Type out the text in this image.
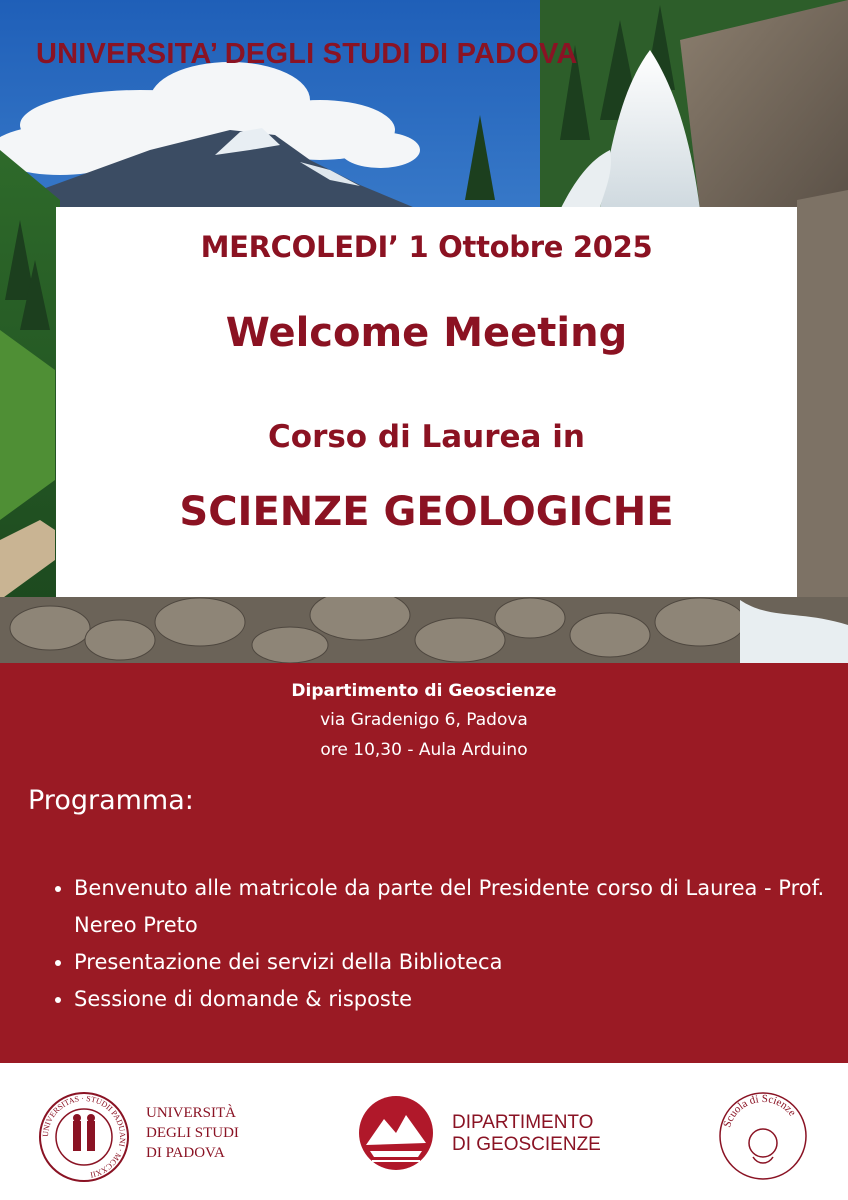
UNIVERSITA’ DEGLI STUDI DI PADOVA

MERCOLEDI’ 1 Ottobre 2025

Welcome Meeting

Corso di Laurea in

SCIENZE GEOLOGICHE

Dipartimento di Geoscienze

via Gradenigo 6, Padova

ore 10,30 - Aula Arduino

Programma:

• Benvenuto alle matricole da parte del Presidente corso di Laurea - Prof. Nereo Preto
• Presentazione dei servizi della Biblioteca
• Sessione di domande & risposte
UNIVERSITAS · STUDII PADUANI · MCCXXII
UNIVERSITÀ
DEGLI STUDI
DI PADOVA
DIPARTIMENTO
DI GEOSCIENZE
Scuola di Scienze
